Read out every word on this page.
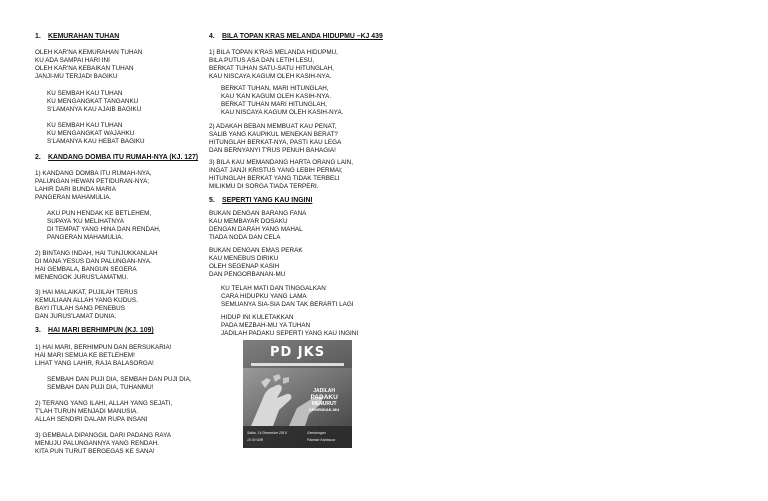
1. KEMURAHAN TUHAN
OLEH KAR'NA KEMURAHAN TUHAN
KU ADA SAMPAI HARI INI
OLEH KAR'NA KEBAIKAN TUHAN
JANJI-MU TERJADI BAGIKU
KU SEMBAH KAU TUHAN
KU MENGANGKAT TANGANKU
S'LAMANYA KAU AJAIB BAGIKU
KU SEMBAH KAU TUHAN
KU MENGANGKAT WAJAHKU
S'LAMANYA KAU HEBAT BAGIKU
2. KANDANG DOMBA ITU RUMAH-NYA (KJ. 127)
1) KANDANG DOMBA ITU RUMAH-NYA,
PALUNGAN HEWAN PETIDURAN-NYA;
LAHIR DARI BUNDA MARIA
PANGERAN MAHAMULIA.
AKU PUN HENDAK KE BETLEHEM,
SUPAYA 'KU MELIHATNYA
DI TEMPAT YANG HINA DAN RENDAH,
PANGERAN MAHAMULIA.
2) BINTANG INDAH, HAI TUNJUKKANLAH
DI MANA YESUS DAN PALUNGAN-NYA.
HAI GEMBALA, BANGUN SEGERA
MENENGOK JURUS'LAMATMU.
3) HAI MALAIKAT, PUJILAH TERUS
KEMULIAAN ALLAH YANG KUDUS.
BAYI ITULAH SANG PENEBUS
DAN JURUS'LAMAT DUNIA.
3. HAI MARI BERHIMPUN (KJ. 109)
1) HAI MARI, BERHIMPUN DAN BERSUKARIA!
HAI MARI SEMUA KE BETLEHEM!
LIHAT YANG LAHIR, RAJA BALASORGA!
SEMBAH DAN PUJI DIA, SEMBAH DAN PUJI DIA,
SEMBAH DAN PUJI DIA, TUHANMU!
2) TERANG YANG ILAHI, ALLAH YANG SEJATI,
T'LAH TURUN MENJADI MANUSIA.
ALLAH SENDIRI DALAM RUPA INSANI
3) GEMBALA DIPANGGIL DARI PADANG RAYA
MENUJU PALUNGANNYA YANG RENDAH.
KITA PUN TURUT BERGEGAS KE SANA!
4. BILA TOPAN KRAS MELANDA HIDUPMU –KJ 439
1) BILA TOPAN K'RAS MELANDA HIDUPMU,
BILA PUTUS ASA DAN LETIH LESU,
BERKAT TUHAN SATU-SATU HITUNGLAH,
KAU NISCAYA KAGUM OLEH KASIH-NYA.
BERKAT TUHAN, MARI HITUNGLAH,
KAU 'KAN KAGUM OLEH KASIH-NYA.
BERKAT TUHAN MARI HITUNGLAH,
KAU NISCAYA KAGUM OLEH KASIH-NYA.
2) ADAKAH BEBAN MEMBUAT KAU PENAT,
SALIB YANG KAUPIKUL MENEKAN BERAT?
HITUNGLAH BERKAT-NYA, PASTI KAU LEGA
DAN BERNYANYI T'RUS PENUH BAHAGIA!
3) BILA KAU MEMANDANG HARTA ORANG LAIN,
INGAT JANJI KRISTUS YANG LEBIH PERMAI;
HITUNGLAH BERKAT YANG TIDAK TERBELI
MILIKMU DI SORGA TIADA TERPERI.
5. SEPERTI YANG KAU INGINI
BUKAN DENGAN BARANG FANA
KAU MEMBAYAR DOSAKU
DENGAN DARAH YANG MAHAL
TIADA NODA DAN CELA
BUKAN DENGAN EMAS PERAK
KAU MENEBUS DIRIKU
OLEH SEGENAP KASIH
DAN PENGORBANAN-MU
KU TELAH MATI DAN TINGGALKAN
CARA HIDUPKU YANG LAMA
SEMUANYA SIA-SIA DAN TAK BERARTI LAGI
HIDUP INI KULETAKKAN
PADA MEZBAH-MU YA TUHAN
JADILAH PADAKU SEPERTI YANG KAU INGINI
PD JKS
JADILAH
PADAKU
MENURUT
KEHENDAK-MU
Sabtu, 14 Desember 2019
10.00 WIB
Gembongan
Pabelan Kartasura
